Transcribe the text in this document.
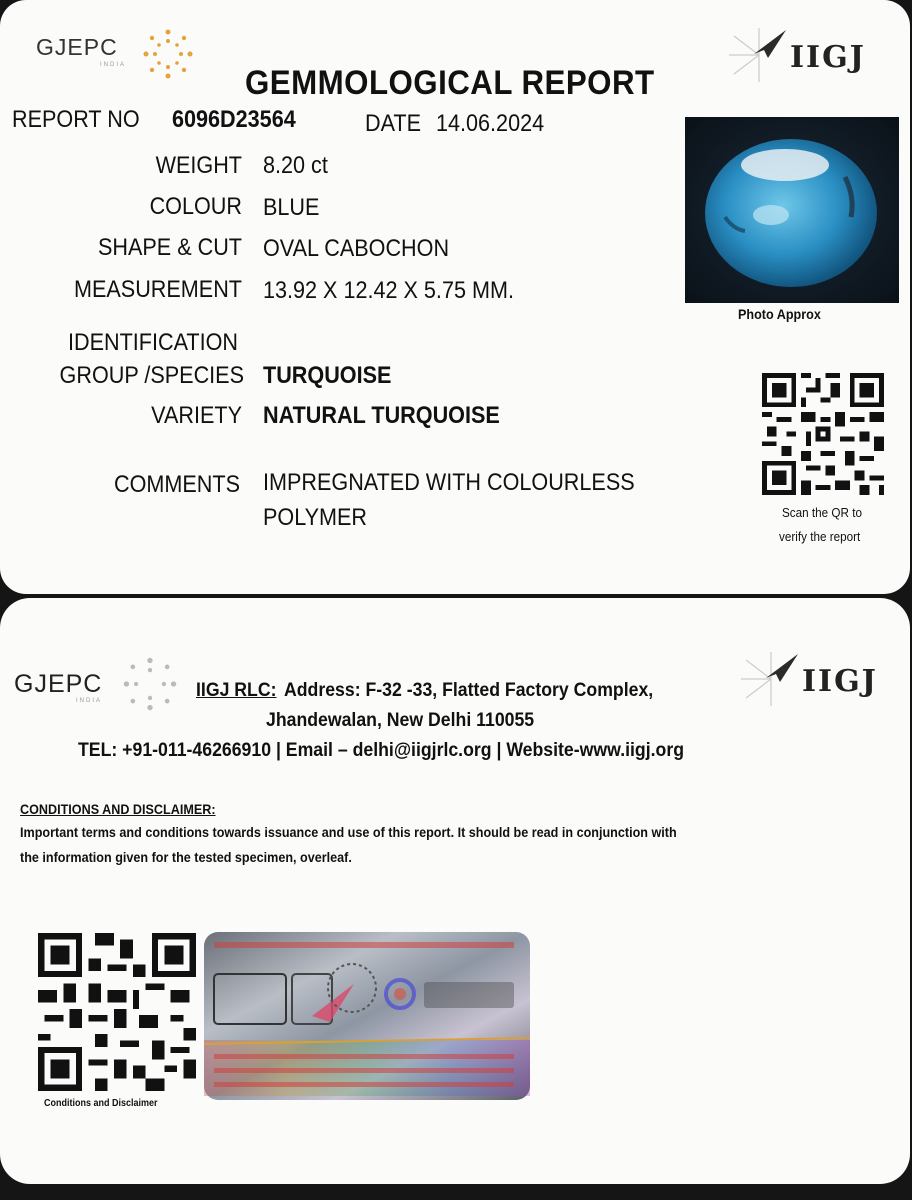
GJEPC
INDIA	IIGJ
GEMMOLOGICAL REPORT
REPORT NO 6096D23564	DATE 14.06.2024
WEIGHT 8.20 ct
COLOUR BLUE
SHAPE & CUT OVAL CABOCHON
MEASUREMENT 13.92 X 12.42 X 5.75 MM.
IDENTIFICATION
GROUP /SPECIES TURQUOISE
VARIETY NATURAL TURQUOISE
COMMENTS IMPREGNATED WITH COLOURLESS
POLYMER
Photo Approx
Scan the QR to
verify the report
GJEPC
INDIA
IIGJ
IIGJ RLC: Address: F-32 -33, Flatted Factory Complex,
Jhandewalan, New Delhi 110055
TEL: +91-011-46266910 | Email – delhi@iigjrlc.org | Website-www.iigj.org
CONDITIONS AND DISCLAIMER:
Important terms and conditions towards issuance and use of this report. It should be read in conjunction with
the information given for the tested specimen, overleaf.
Conditions and Disclaimer
